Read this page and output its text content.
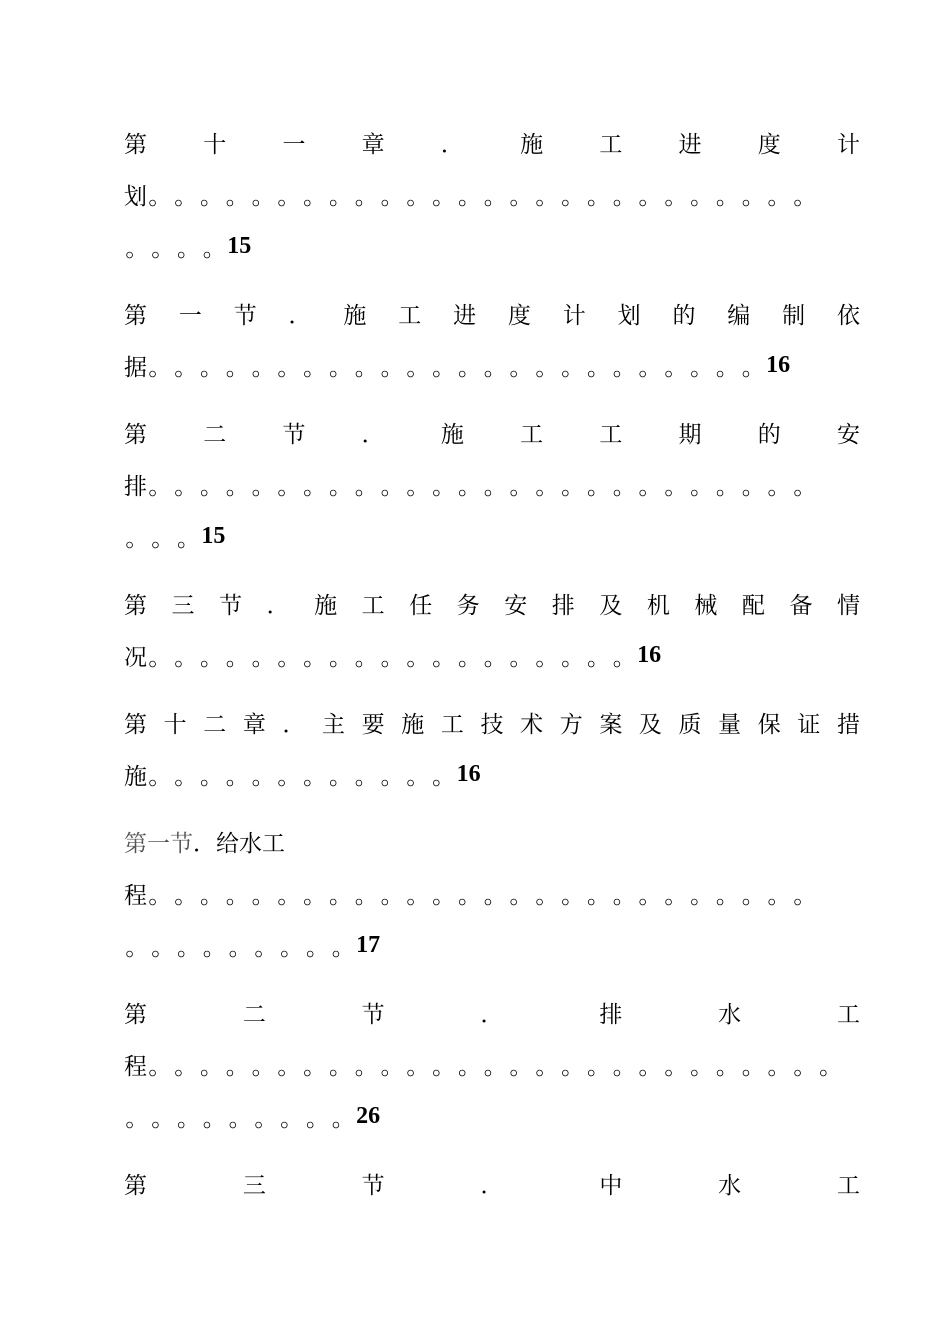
第 十 一 章 ． 施 工 进 度 计
划 。 。 。 。 。 。 。 。 。 。 。 。 。 。 。 。 。 。 。 。 。 。 。 。 。 。
。 。 。 。 15
第 一 节 ． 施 工 进 度 计 划 的 编 制 依
据 。 。 。 。 。 。 。 。 。 。 。 。 。 。 。 。 。 。 。 。 。 。 。 。 16
第 二 节 ． 施 工 工 期 的 安
排 。 。 。 。 。 。 。 。 。 。 。 。 。 。 。 。 。 。 。 。 。 。 。 。 。 。
。 。 。 15
第 三 节 ． 施 工 任 务 安 排 及 机 械 配 备 情
况 。 。 。 。 。 。 。 。 。 。 。 。 。 。 。 。 。 。 。 16
第 十 二 章 ． 主 要 施 工 技 术 方 案 及 质 量 保 证 措
施 。 。 。 。 。 。 。 。 。 。 。 。 16
第一节 ．给水工
程 。 。 。 。 。 。 。 。 。 。 。 。 。 。 。 。 。 。 。 。 。 。 。 。 。 。
。 。 。 。 。 。 。 。 。 17
第	二	节	．	排	水	工
程 。 。 。 。 。 。 。 。 。 。 。 。 。 。 。 。 。 。 。 。 。 。 。 。 。 。 。
。 。 。 。 。 。 。 。 。 26
第	三	节	．	中	水	工
